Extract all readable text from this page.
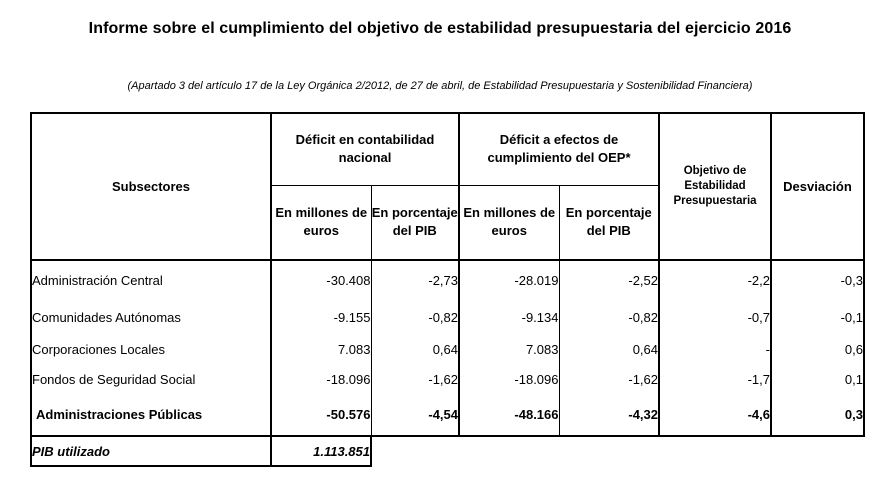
Informe sobre el cumplimiento del objetivo de estabilidad presupuestaria del ejercicio 2016
(Apartado 3 del artículo 17 de la Ley Orgánica 2/2012, de 27 de abril, de Estabilidad Presupuestaria y Sostenibilidad Financiera)
Subsectores	Déficit en contabilidad nacional		Déficit a efectos de cumplimiento del OEP*		Objetivo de Estabilidad Presupuestaria	Desviación
	En millones de euros	En porcentaje del PIB	En millones de euros	En porcentaje del PIB		
Administración Central	-30.408	-2,73	-28.019	-2,52	-2,2	-0,3
Comunidades Autónomas	-9.155	-0,82	-9.134	-0,82	-0,7	-0,1
Corporaciones Locales	7.083	0,64	7.083	0,64	-	0,6
Fondos de Seguridad Social	-18.096	-1,62	-18.096	-1,62	-1,7	0,1
Administraciones Públicas	-50.576	-4,54	-48.166	-4,32	-4,6	0,3
PIB utilizado	1.113.851					
